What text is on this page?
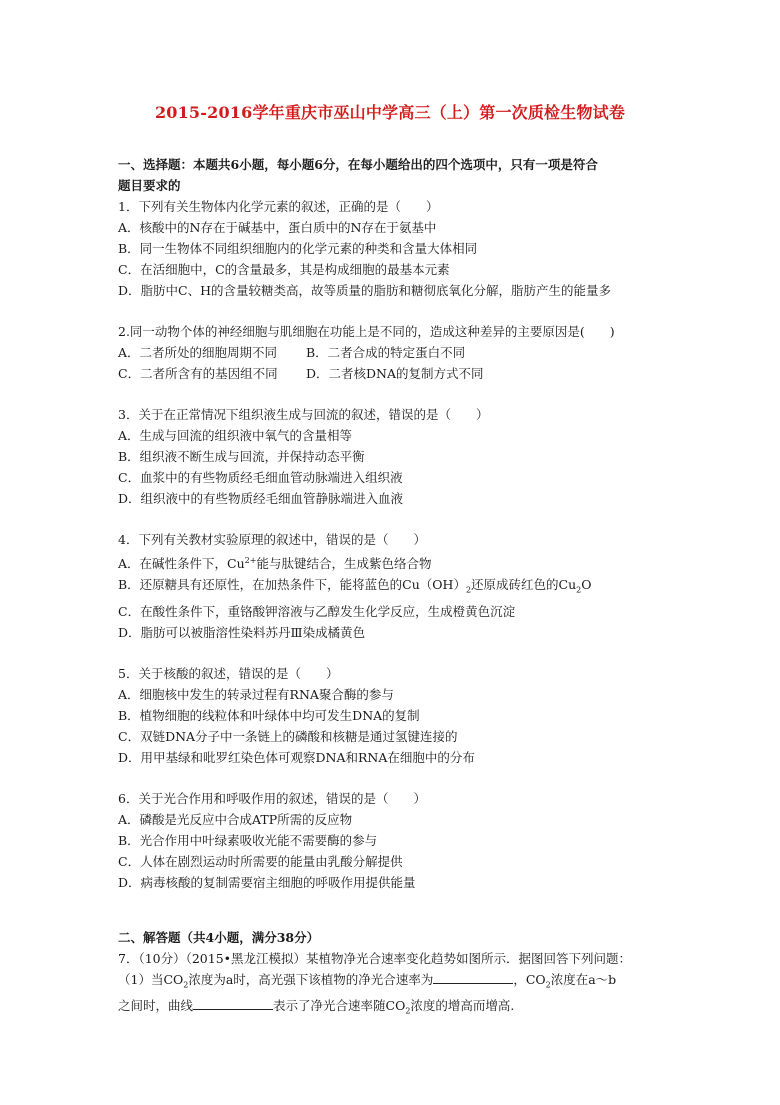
2015-2016学年重庆市巫山中学高三（上）第一次质检生物试卷
一、选择题：本题共6小题，每小题6分，在每小题给出的四个选项中，只有一项是符合
题目要求的
1．下列有关生物体内化学元素的叙述，正确的是（　　）
A．核酸中的N存在于碱基中，蛋白质中的N存在于氨基中
B．同一生物体不同组织细胞内的化学元素的种类和含量大体相同
C．在活细胞中，C的含量最多，其是构成细胞的最基本元素
D．脂肪中C、H的含量较糖类高，故等质量的脂肪和糖彻底氧化分解，脂肪产生的能量多
2.同一动物个体的神经细胞与肌细胞在功能上是不同的，造成这种差异的主要原因是(　　)
A．二者所处的细胞周期不同 B．二者合成的特定蛋白不同
C．二者所含有的基因组不同 D．二者核DNA的复制方式不同
3．关于在正常情况下组织液生成与回流的叙述，错误的是（　　）
A．生成与回流的组织液中氧气的含量相等
B．组织液不断生成与回流，并保持动态平衡
C．血浆中的有些物质经毛细血管动脉端进入组织液
D．组织液中的有些物质经毛细血管静脉端进入血液
4．下列有关教材实验原理的叙述中，错误的是（　　）
A．在碱性条件下，$Cu^{2+}$能与肽键结合，生成紫色络合物
B．还原糖具有还原性，在加热条件下，能将蓝色的$Cu(OH)_2$还原成砖红色的$Cu_2O$
C．在酸性条件下，重铬酸钾溶液与乙醇发生化学反应，生成橙黄色沉淀
D．脂肪可以被脂溶性染料苏丹Ⅲ染成橘黄色
5．关于核酸的叙述，错误的是（　　）
A．细胞核中发生的转录过程有RNA聚合酶的参与
B．植物细胞的线粒体和叶绿体中均可发生DNA的复制
C．双链DNA分子中一条链上的磷酸和核糖是通过氢键连接的
D．用甲基绿和吡罗红染色体可观察DNA和RNA在细胞中的分布
6．关于光合作用和呼吸作用的叙述，错误的是（　　）
A．磷酸是光反应中合成ATP所需的反应物
B．光合作用中叶绿素吸收光能不需要酶的参与
C．人体在剧烈运动时所需要的能量由乳酸分解提供
D．病毒核酸的复制需要宿主细胞的呼吸作用提供能量
二、解答题（共4小题，满分38分）
7．（10分）（2015•黑龙江模拟）某植物净光合速率变化趋势如图所示．据图回答下列问题：
（1）当$CO_2$浓度为a时，高光强下该植物的净光合速率为	，$CO_2$浓度在a～b
之间时，曲线	表示了净光合速率随$CO_2$浓度的增高而增高.
